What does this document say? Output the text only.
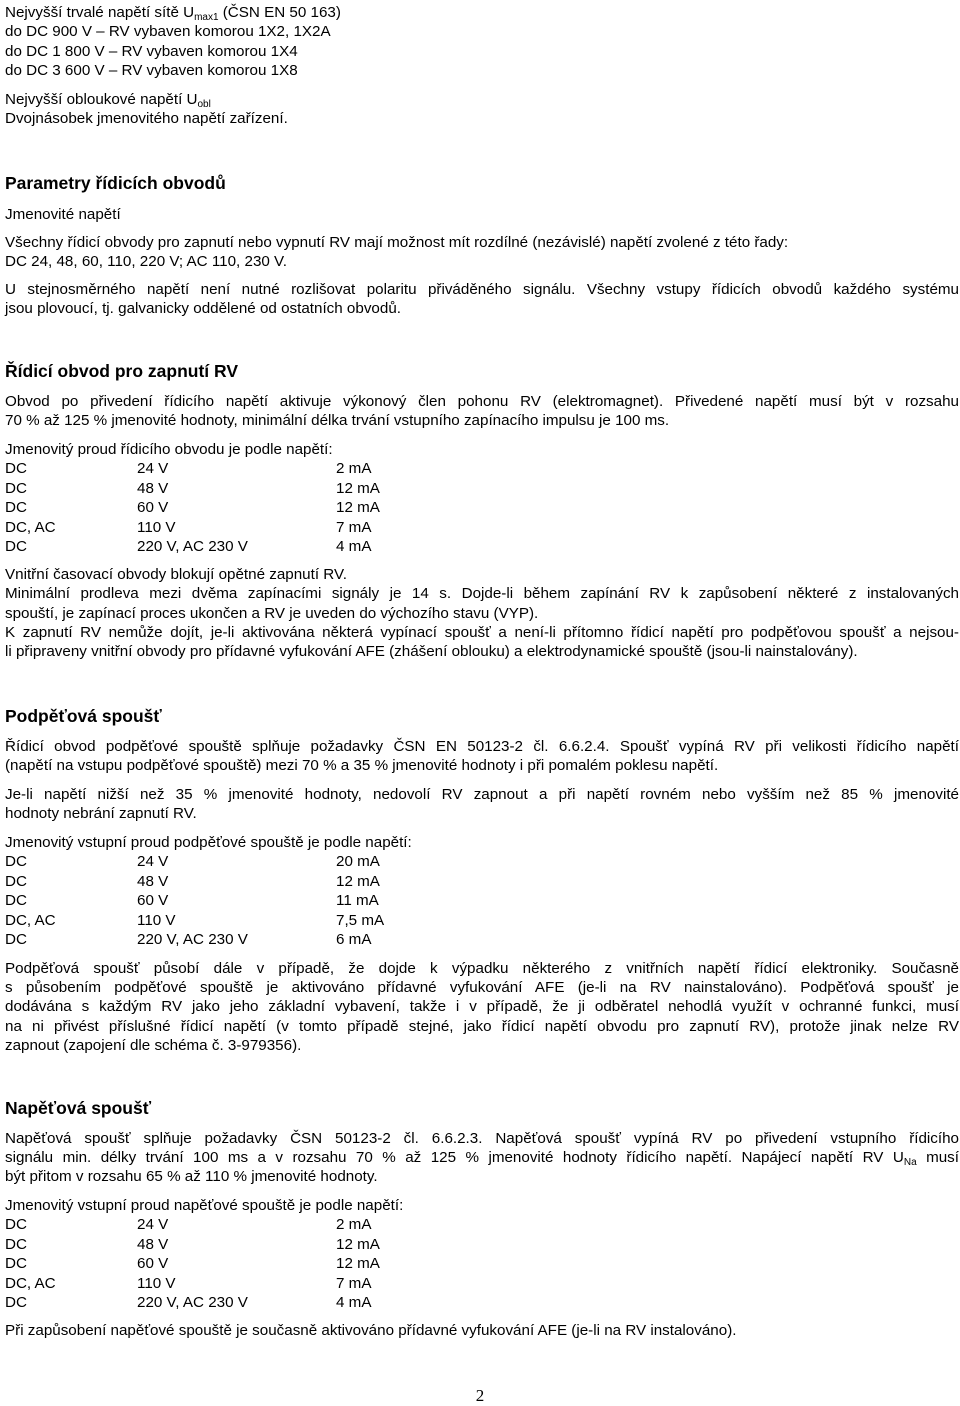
Nejvyšší trvalé napětí sítě $U_{max1}$ (ČSN EN 50 163)
do DC 900 V – RV vybaven komorou 1X2, 1X2A
do DC 1 800 V – RV vybaven komorou 1X4
do DC 3 600 V – RV vybaven komorou 1X8
Nejvyšší obloukové napětí $U_{obl}$
Dvojnásobek jmenovitého napětí zařízení.
Parametry řídicích obvodů
Jmenovité napětí
Všechny řídicí obvody pro zapnutí nebo vypnutí RV mají možnost mít rozdílné (nezávislé) napětí zvolené z této řady:
DC 24, 48, 60, 110, 220 V; AC 110, 230 V.
U stejnosměrného napětí není nutné rozlišovat polaritu přiváděného signálu. Všechny vstupy řídicích obvodů každého systému
jsou plovoucí, tj. galvanicky oddělené od ostatních obvodů.
Řídicí obvod pro zapnutí RV
Obvod po přivedení řídicího napětí aktivuje výkonový člen pohonu RV (elektromagnet). Přivedené napětí musí být v rozsahu
70 % až 125 % jmenovité hodnoty, minimální délka trvání vstupního zapínacího impulsu je 100 ms.
Jmenovitý proud řídicího obvodu je podle napětí:
DC	24 V	2 mA
DC	48 V	12 mA
DC	60 V	12 mA
DC, AC	110 V	7 mA
DC	220 V, AC 230 V	4 mA
Vnitřní časovací obvody blokují opětné zapnutí RV.
Minimální prodleva mezi dvěma zapínacími signály je 14 s. Dojde-li během zapínání RV k zapůsobení některé z instalovaných
spouští, je zapínací proces ukončen a RV je uveden do výchozího stavu (VYP).
K zapnutí RV nemůže dojít, je-li aktivována některá vypínací spoušť a není-li přítomno řídicí napětí pro podpěťovou spoušť a nejsou-
li připraveny vnitřní obvody pro přídavné vyfukování AFE (zhášení oblouku) a elektrodynamické spouště (jsou-li nainstalovány).
Podpěťová spoušť
Řídicí obvod podpěťové spouště splňuje požadavky ČSN EN 50123-2 čl. 6.6.2.4. Spoušť vypíná RV při velikosti řídicího napětí
(napětí na vstupu podpěťové spouště) mezi 70 % a 35 % jmenovité hodnoty i při pomalém poklesu napětí.
Je-li napětí nižší než 35 % jmenovité hodnoty, nedovolí RV zapnout a při napětí rovném nebo vyšším než 85 % jmenovité
hodnoty nebrání zapnutí RV.
Jmenovitý vstupní proud podpěťové spouště je podle napětí:
DC	24 V	20 mA
DC	48 V	12 mA
DC	60 V	11 mA
DC, AC	110 V	7,5 mA
DC	220 V, AC 230 V	6 mA
Podpěťová spoušť působí dále v případě, že dojde k výpadku některého z vnitřních napětí řídicí elektroniky. Současně
s působením podpěťové spouště je aktivováno přídavné vyfukování AFE (je-li na RV nainstalováno). Podpěťová spoušť je
dodávána s každým RV jako jeho základní vybavení, takže i v případě, že ji odběratel nehodlá využít v ochranné funkci, musí
na ni přivést příslušné řídicí napětí (v tomto případě stejné, jako řídicí napětí obvodu pro zapnutí RV), protože jinak nelze RV
zapnout (zapojení dle schéma č. 3-979356).
Napěťová spoušť
Napěťová spoušť splňuje požadavky ČSN 50123-2 čl. 6.6.2.3. Napěťová spoušť vypíná RV po přivedení vstupního řídicího
signálu min. délky trvání 100 ms a v rozsahu 70 % až 125 % jmenovité hodnoty řídicího napětí. Napájecí napětí RV $U_{Na}$ musí
být přitom v rozsahu 65 % až 110 % jmenovité hodnoty.
Jmenovitý vstupní proud napěťové spouště je podle napětí:
DC	24 V	2 mA
DC	48 V	12 mA
DC	60 V	12 mA
DC, AC	110 V	7 mA
DC	220 V, AC 230 V	4 mA
Při zapůsobení napěťové spouště je současně aktivováno přídavné vyfukování AFE (je-li na RV instalováno).
2
